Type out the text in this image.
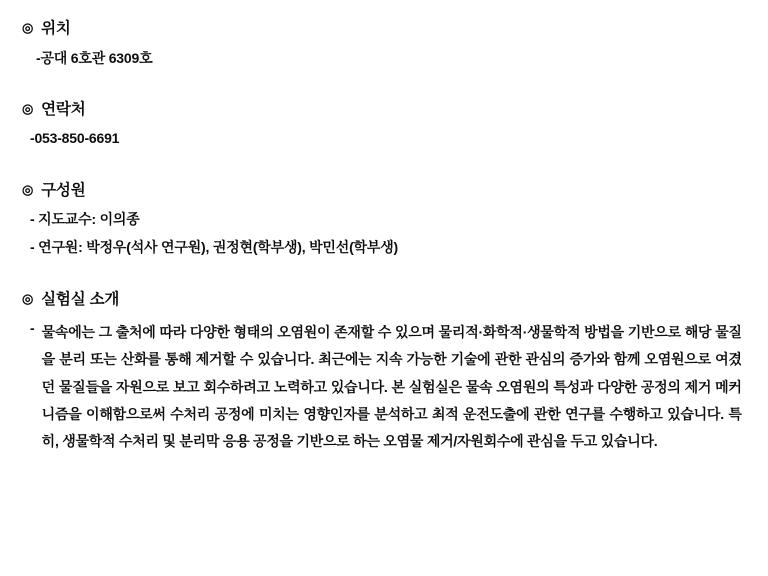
◎ 위치
-공대 6호관 6309호
◎ 연락처
-053-850-6691
◎ 구성원
- 지도교수: 이의종
- 연구원: 박정우(석사 연구원), 권정현(학부생), 박민선(학부생)
◎ 실험실 소개
- 물속에는 그 출처에 따라 다양한 형태의 오염원이 존재할 수 있으며 물리적·화학적·생물학적 방법을 기반으로 해당 물질을 분리 또는 산화를 통해 제거할 수 있습니다. 최근에는 지속 가능한 기술에 관한 관심의 증가와 함께 오염원으로 여겼던 물질들을 자원으로 보고 회수하려고 노력하고 있습니다. 본 실험실은 물속 오염원의 특성과 다양한 공정의 제거 메커니즘을 이해함으로써 수처리 공정에 미치는 영향인자를 분석하고 최적 운전도출에 관한 연구를 수행하고 있습니다. 특히, 생물학적 수처리 및 분리막 응용 공정을 기반으로 하는 오염물 제거/자원회수에 관심을 두고 있습니다.
